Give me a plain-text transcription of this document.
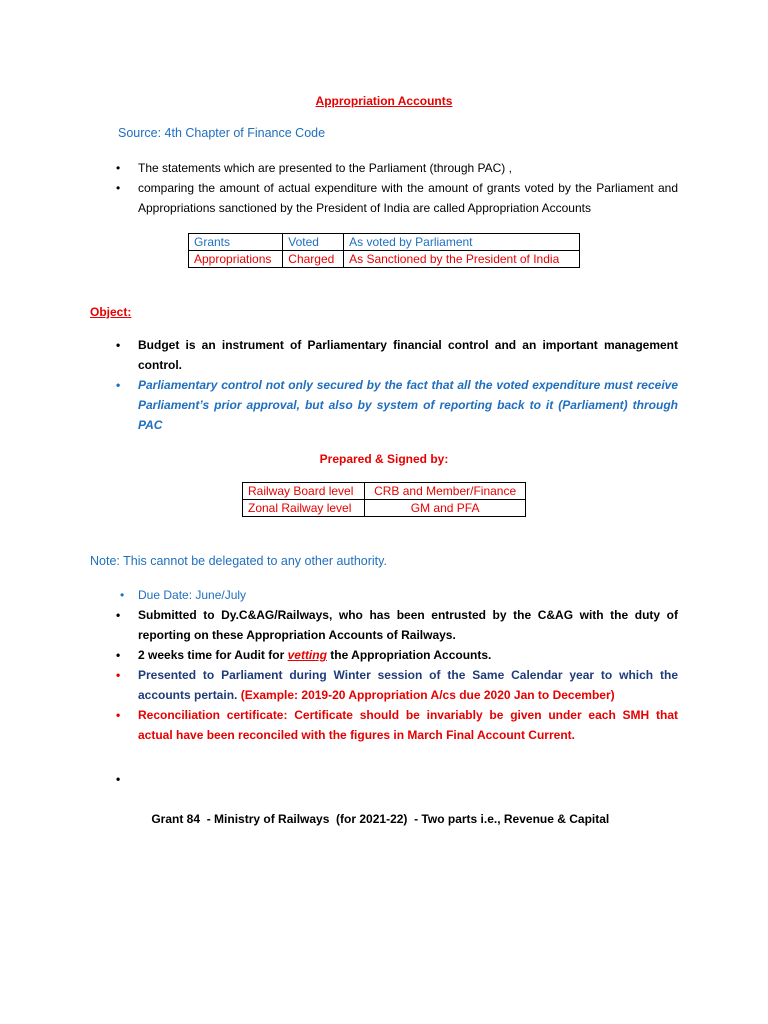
Appropriation Accounts
Source: 4th Chapter of Finance Code
•	The statements which are presented to the Parliament (through PAC) ,
•	comparing the amount of actual expenditure with the amount of grants voted by the Parliament and Appropriations sanctioned by the President of India are called Appropriation Accounts
Grants	Voted	As voted by Parliament
Appropriations	Charged	As Sanctioned by the President of India
Object:
•	Budget is an instrument of Parliamentary financial control and an important management control.
•	Parliamentary control not only secured by the fact that all the voted expenditure must receive Parliament’s prior approval, but also by system of reporting back to it (Parliament) through PAC
Prepared & Signed by:
Railway Board level	CRB and Member/Finance
Zonal Railway level	GM and PFA
Note: This cannot be delegated to any other authority.
•	Due Date: June/July
•	Submitted to Dy.C&AG/Railways, who has been entrusted by the C&AG with the duty of reporting on these Appropriation Accounts of Railways.
•	2 weeks time for Audit for vetting the Appropriation Accounts.
•	Presented to Parliament during Winter session of the Same Calendar year to which the accounts pertain. (Example: 2019-20 Appropriation A/cs due 2020 Jan to December)
•	Reconciliation certificate: Certificate should be invariably be given under each SMH that actual have been reconciled with the figures in March Final Account Current.

•

Grant 84  - Ministry of Railways  (for 2021-22)  - Two parts i.e., Revenue & Capital
